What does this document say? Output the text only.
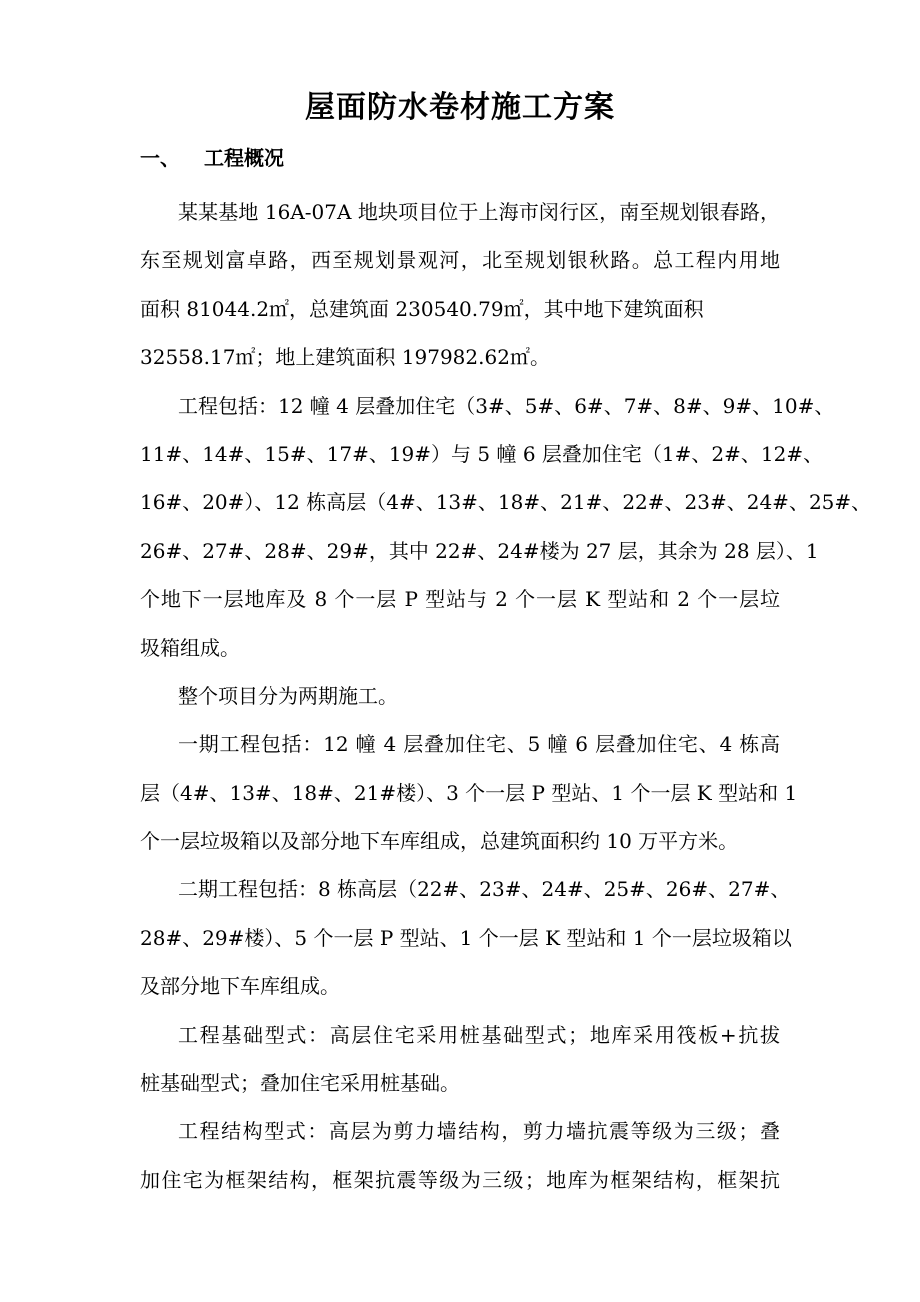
屋面防水卷材施工方案
一、 工程概况
某某基地 16A-07A 地块项目位于上海市闵行区，南至规划银春路，
东至规划富卓路，西至规划景观河，北至规划银秋路。总工程内用地
面积 81044.2㎡，总建筑面 230540.79㎡，其中地下建筑面积
32558.17㎡；地上建筑面积 197982.62㎡。
工程包括：12 幢 4 层叠加住宅（3#、5#、6#、7#、8#、9#、10#、
11#、14#、15#、17#、19#）与 5 幢 6 层叠加住宅（1#、2#、12#、
16#、20#）、12 栋高层（4#、13#、18#、21#、22#、23#、24#、25#、
26#、27#、28#、29#，其中 22#、24#楼为 27 层，其余为 28 层）、1
个地下一层地库及 8 个一层 P 型站与 2 个一层 K 型站和 2 个一层垃
圾箱组成。
整个项目分为两期施工。
一期工程包括：12 幢 4 层叠加住宅、5 幢 6 层叠加住宅、4 栋高
层（4#、13#、18#、21#楼）、3 个一层 P 型站、1 个一层 K 型站和 1
个一层垃圾箱以及部分地下车库组成，总建筑面积约 10 万平方米。
二期工程包括：8 栋高层（22#、23#、24#、25#、26#、27#、
28#、29#楼）、5 个一层 P 型站、1 个一层 K 型站和 1 个一层垃圾箱以
及部分地下车库组成。
工程基础型式：高层住宅采用桩基础型式；地库采用筏板+抗拔
桩基础型式；叠加住宅采用桩基础。
工程结构型式：高层为剪力墙结构，剪力墙抗震等级为三级；叠
加住宅为框架结构，框架抗震等级为三级；地库为框架结构，框架抗
